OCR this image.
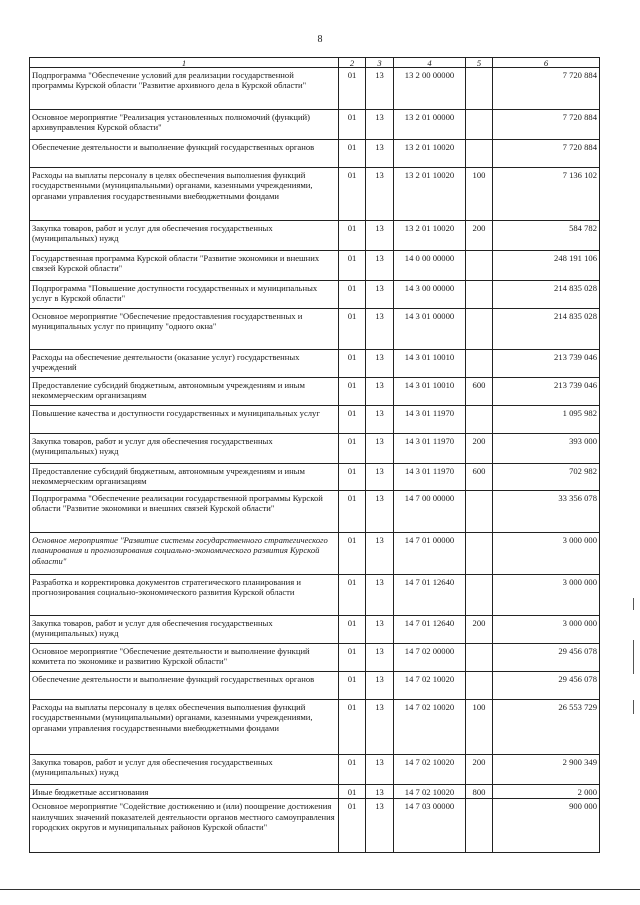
8
1	2	3	4	5	6
Подпрограмма "Обеспечение условий для реализации государственной программы Курской области "Развитие архивного дела в Курской области"	01	13	13 2 00 00000		7 720 884
Основное мероприятие "Реализация установленных полномочий (функций) архивуправления Курской области"	01	13	13 2 01 00000		7 720 884
Обеспечение деятельности и выполнение функций государственных органов	01	13	13 2 01 10020		7 720 884
Расходы на выплаты персоналу в целях обеспечения выполнения функций государственными (муниципальными) органами, казенными учреждениями, органами управления государственными внебюджетными фондами	01	13	13 2 01 10020	100	7 136 102
Закупка товаров, работ и услуг для обеспечения государственных (муниципальных) нужд	01	13	13 2 01 10020	200	584 782
Государственная программа Курской области "Развитие экономики и внешних связей Курской области"	01	13	14 0 00 00000		248 191 106
Подпрограмма "Повышение доступности государственных и муниципальных услуг в Курской области"	01	13	14 3 00 00000		214 835 028
Основное мероприятие "Обеспечение предоставления государственных и муниципальных услуг по принципу "одного окна"	01	13	14 3 01 00000		214 835 028
Расходы на обеспечение деятельности (оказание услуг) государственных учреждений	01	13	14 3 01 10010		213 739 046
Предоставление субсидий бюджетным, автономным учреждениям и иным некоммерческим организациям	01	13	14 3 01 10010	600	213 739 046
Повышение качества и доступности государственных и муниципальных услуг	01	13	14 3 01 11970		1 095 982
Закупка товаров, работ и услуг для обеспечения государственных (муниципальных) нужд	01	13	14 3 01 11970	200	393 000
Предоставление субсидий бюджетным, автономным учреждениям и иным некоммерческим организациям	01	13	14 3 01 11970	600	702 982
Подпрограмма "Обеспечение реализации государственной программы Курской области "Развитие экономики и внешних связей Курской области"	01	13	14 7 00 00000		33 356 078
Основное мероприятие "Развитие системы государственного стратегического планирования и прогнозирования социально-экономического развития Курской области"	01	13	14 7 01 00000		3 000 000
Разработка и корректировка документов стратегического планирования и прогнозирования социально-экономического развития Курской области	01	13	14 7 01 12640		3 000 000
Закупка товаров, работ и услуг для обеспечения государственных (муниципальных) нужд	01	13	14 7 01 12640	200	3 000 000
Основное мероприятие "Обеспечение деятельности и выполнение функций комитета по экономике и развитию Курской области"	01	13	14 7 02 00000		29 456 078
Обеспечение деятельности и выполнение функций государственных органов	01	13	14 7 02 10020		29 456 078
Расходы на выплаты персоналу в целях обеспечения выполнения функций государственными (муниципальными) органами, казенными учреждениями, органами управления государственными внебюджетными фондами	01	13	14 7 02 10020	100	26 553 729
Закупка товаров, работ и услуг для обеспечения государственных (муниципальных) нужд	01	13	14 7 02 10020	200	2 900 349
Иные бюджетные ассигнования	01	13	14 7 02 10020	800	2 000
Основное мероприятие "Содействие достижению и (или) поощрение достижения наилучших значений показателей деятельности органов местного самоуправления городских округов и муниципальных районов Курской области"	01	13	14 7 03 00000		900 000
